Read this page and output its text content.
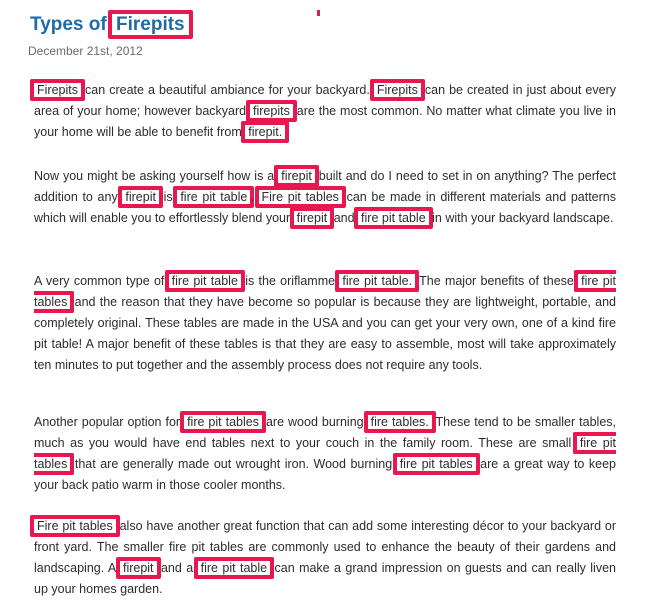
Types of Firepits
December 21st, 2012

Firepits can create a beautiful ambiance for your backyard. Firepits can be created in just about every area of your home; however backyard firepits are the most common. No matter what climate you live in your home will be able to benefit from firepit.

Now you might be asking yourself how is a firepit built and do I need to set in on anything? The perfect addition to any firepit is fire pit table . Fire pit tables can be made in different materials and patterns which will enable you to effortlessly blend your firepit and fire pit table in with your backyard landscape.

A very common type of fire pit table is the oriflamme fire pit table. The major benefits of these fire pit tables and the reason that they have become so popular is because they are lightweight, portable, and completely original. These tables are made in the USA and you can get your very own, one of a kind fire pit table! A major benefit of these tables is that they are easy to assemble, most will take approximately ten minutes to put together and the assembly process does not require any tools.

Another popular option for fire pit tables are wood burning fire tables. These tend to be smaller tables, much as you would have end tables next to your couch in the family room. These are small fire pit tables that are generally made out wrought iron. Wood burning fire pit tables are a great way to keep your back patio warm in those cooler months.

Fire pit tables also have another great function that can add some interesting décor to your backyard or front yard. The smaller fire pit tables are commonly used to enhance the beauty of their gardens and landscaping. A firepit and a fire pit table can make a grand impression on guests and can really liven up your homes garden.
